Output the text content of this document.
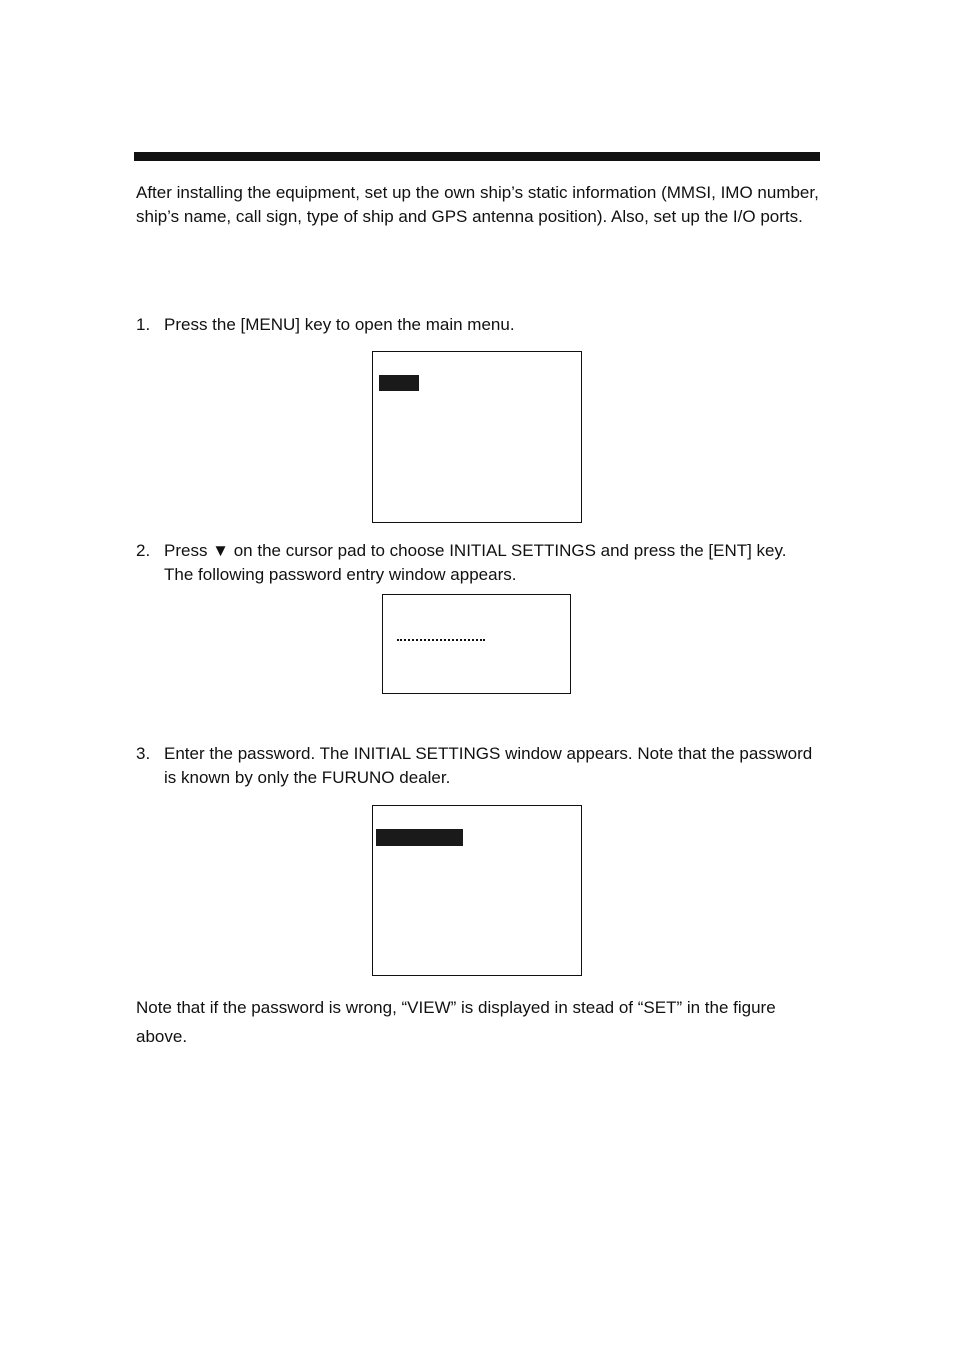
After installing the equipment, set up the own ship’s static information (MMSI, IMO number, ship’s name, call sign, type of ship and GPS antenna position). Also, set up the I/O ports.

1. Press the [MENU] key to open the main menu.
2. Press ▼ on the cursor pad to choose INITIAL SETTINGS and press the [ENT] key. The following password entry window appears.
3. Enter the password. The INITIAL SETTINGS window appears. Note that the password is known by only the FURUNO dealer.

Note that if the password is wrong, “VIEW” is displayed in stead of “SET” in the figure above.
